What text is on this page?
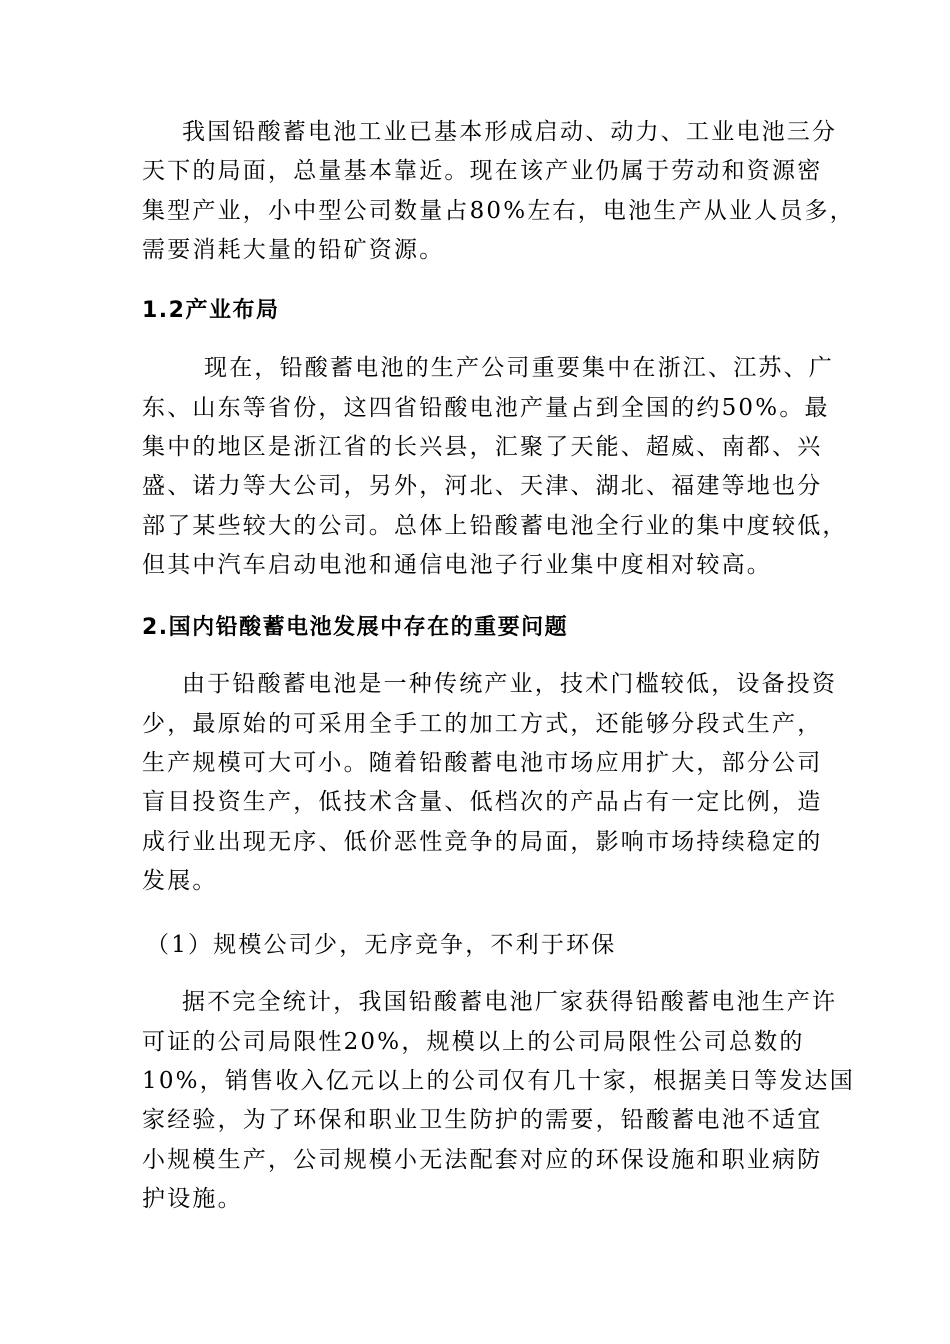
我国铅酸蓄电池工业已基本形成启动、动力、工业电池三分
天下的局面，总量基本靠近。现在该产业仍属于劳动和资源密
集型产业，小中型公司数量占80%左右，电池生产从业人员多，
需要消耗大量的铅矿资源。
1.2产业布局
现在，铅酸蓄电池的生产公司重要集中在浙江、江苏、广
东、山东等省份，这四省铅酸电池产量占到全国的约50%。最
集中的地区是浙江省的长兴县，汇聚了天能、超威、南都、兴
盛、诺力等大公司，另外，河北、天津、湖北、福建等地也分
部了某些较大的公司。总体上铅酸蓄电池全行业的集中度较低，
但其中汽车启动电池和通信电池子行业集中度相对较高。
2.国内铅酸蓄电池发展中存在的重要问题
由于铅酸蓄电池是一种传统产业，技术门槛较低，设备投资
少，最原始的可采用全手工的加工方式，还能够分段式生产，
生产规模可大可小。随着铅酸蓄电池市场应用扩大，部分公司
盲目投资生产，低技术含量、低档次的产品占有一定比例，造
成行业出现无序、低价恶性竞争的局面，影响市场持续稳定的
发展。
（1）规模公司少，无序竞争，不利于环保
据不完全统计，我国铅酸蓄电池厂家获得铅酸蓄电池生产许
可证的公司局限性20%，规模以上的公司局限性公司总数的
10%，销售收入亿元以上的公司仅有几十家，根据美日等发达国
家经验，为了环保和职业卫生防护的需要，铅酸蓄电池不适宜
小规模生产，公司规模小无法配套对应的环保设施和职业病防
护设施。
